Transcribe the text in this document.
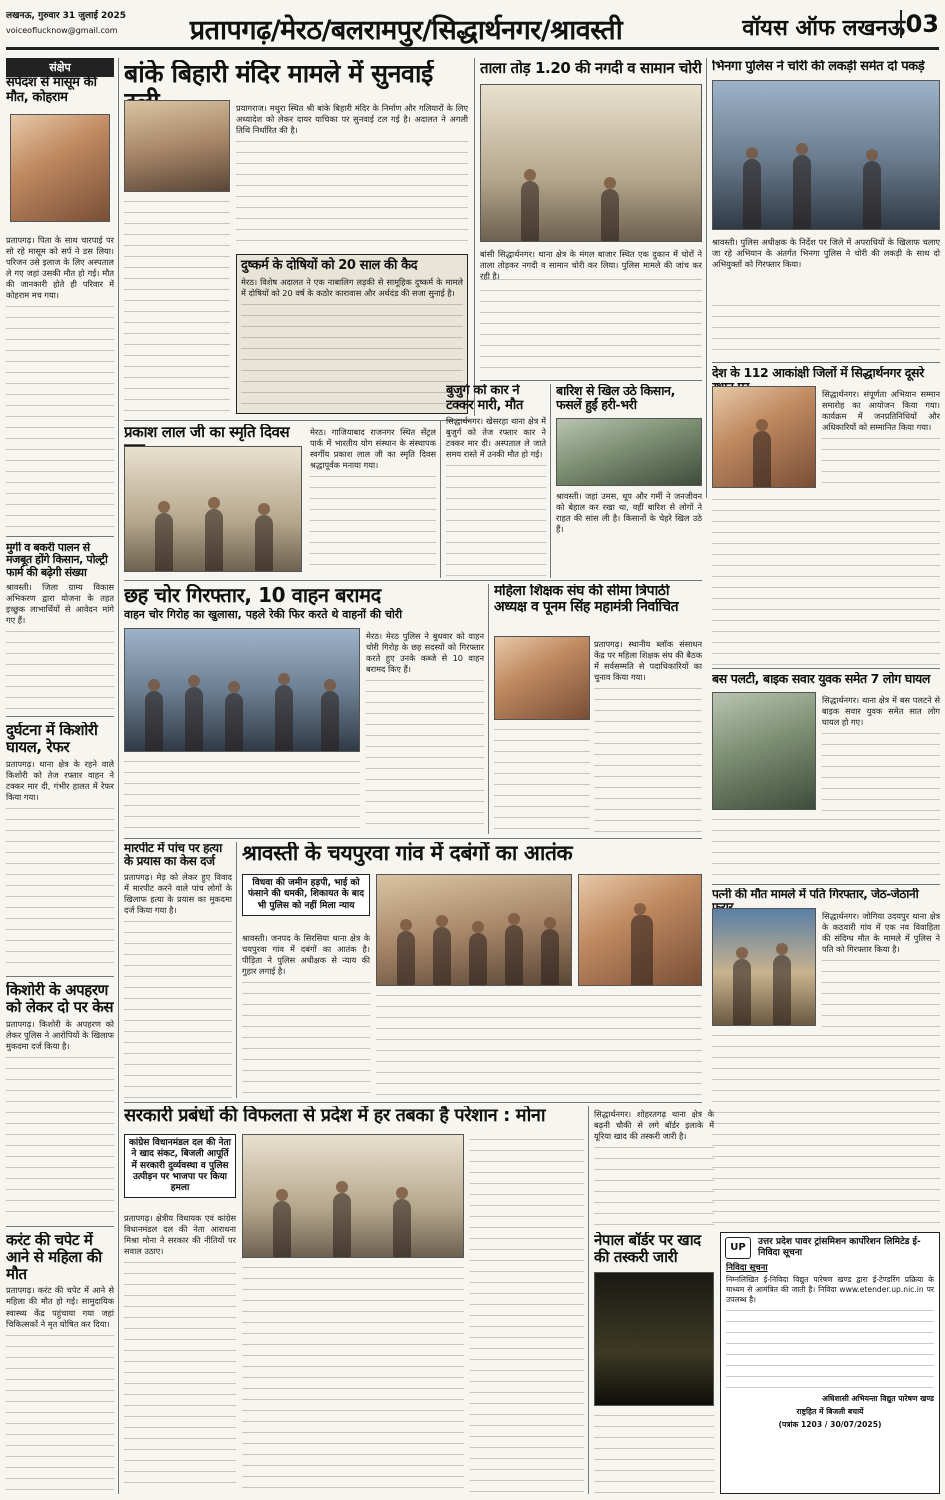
लखनऊ, गुरुवार 31 जुलाई 2025
voiceoflucknow@gmail.com	प्रतापगढ़/मेरठ/बलरामपुर/सिद्धार्थनगर/श्रावस्ती	वॉयस ऑफ लखनऊ 03
संक्षेप
सर्पदंश से मासूम की मौत, कोहराम
प्रतापगढ़। पिता के साथ चारपाई पर सो रहे मासूम को सर्प ने डस लिया। परिजन उसे इलाज के लिए अस्पताल ले गए जहां उसकी मौत हो गई। मौत की जानकारी होते ही परिवार में कोहराम मच गया।
मुर्गी व बकरी पालन से मजबूत होंगे किसान, पोल्ट्री फार्म की बढ़ेगी संख्या
श्रावस्ती। जिला ग्राम्य विकास अभिकरण द्वारा योजना के तहत इच्छुक लाभार्थियों से आवेदन मांगे गए हैं।
दुर्घटना में किशोरी घायल, रेफर
प्रतापगढ़। थाना क्षेत्र के रहने वाले किशोरी को तेज रफ्तार वाहन ने टक्कर मार दी, गंभीर हालत में रेफर किया गया।
किशोरी के अपहरण को लेकर दो पर केस
प्रतापगढ़। किशोरी के अपहरण को लेकर पुलिस ने आरोपियों के खिलाफ मुकदमा दर्ज किया है।
करंट की चपेट में आने से महिला की मौत
प्रतापगढ़। करंट की चपेट में आने से महिला की मौत हो गई। सामुदायिक स्वास्थ्य केंद्र पहुंचाया गया जहां चिकित्सकों ने मृत घोषित कर दिया।
बांके बिहारी मंदिर मामले में सुनवाई
प्रयागराज। मथुरा स्थित श्री बांके बिहारी मंदिर के निर्माण और गलियारों के लिए अध्यादेश को लेकर दायर याचिका पर सुनवाई टल गई है। अदालत ने अगली तिथि निर्धारित की है।
दुष्कर्म के दोषियों को 20 साल की कैद
मेरठ। विशेष अदालत ने एक नाबालिग लड़की से सामूहिक दुष्कर्म के मामले में दोषियों को 20 वर्ष के कठोर कारावास और अर्थदंड की सजा सुनाई है।
ताला तोड़ 1.20 की नगदी व सामान चोरी
बांसी सिद्धार्थनगर। थाना क्षेत्र के मंगल बाजार स्थित एक दुकान में चोरों ने ताला तोड़कर नगदी व सामान चोरी कर लिया। पुलिस मामले की जांच कर रही है।
भिनगा पुलिस ने चोरी की लकड़ी समेत दो पकड़े
श्रावस्ती। पुलिस अधीक्षक के निर्देश पर जिले में अपराधियों के खिलाफ चलाए जा रहे अभियान के अंतर्गत भिनगा पुलिस ने चोरी की लकड़ी के साथ दो अभियुक्तों को गिरफ्तार किया।
देश के 112 आकांक्षी जिलों में सिद्धार्थनगर दूसरे
सिद्धार्थनगर। संपूर्णता अभियान सम्मान समारोह का आयोजन किया गया। कार्यक्रम में जनप्रतिनिधियों और अधिकारियों को सम्मानित किया गया।
बस पलटी, बाइक सवार युवक समेत 7 लोग घायल
सिद्धार्थनगर। थाना क्षेत्र में बस पलटने से बाइक सवार युवक समेत सात लोग घायल हो गए।
पत्नी की मौत मामले में पति गिरफ्तार, जेठ-जेठानी
सिद्धार्थनगर। जोगिया उदयपुर थाना क्षेत्र के कठवारी गांव में एक नव विवाहिता की संदिग्ध मौत के मामले में पुलिस ने पति को गिरफ्तार किया है।
प्रकाश लाल जी का स्मृति दिवस	मेरठ। गाजियाबाद राजनगर स्थित सेंट्रल पार्क में भारतीय योग संस्थान के संस्थापक स्वर्गीय प्रकाश लाल जी का स्मृति दिवस श्रद्धापूर्वक मनाया गया।
बुजुर्ग को कार ने टक्कर मारी, मौत
सिद्धार्थनगर। खेसरहा थाना क्षेत्र में बुजुर्ग को तेज रफ्तार कार ने टक्कर मार दी। अस्पताल ले जाते समय रास्ते में उनकी मौत हो गई।
बारिश से खिल उठे किसान, फसलें हुईं हरी-भरी
श्रावस्ती। जहां उमस, धूप और गर्मी ने जनजीवन को बेहाल कर रखा था, वहीं बारिश से लोगों ने राहत की सांस ली है। किसानों के चेहरे खिल उठे हैं।
छह चोर गिरफ्तार, 10 वाहन बरामद
वाहन चोर गिरोह का खुलासा, पहले रेकी फिर करते थे वाहनों की चोरी
मेरठ। मेरठ पुलिस ने बुधवार को वाहन चोरी गिरोह के छह सदस्यों को गिरफ्तार करते हुए उनके कब्जे से 10 वाहन बरामद किए हैं।
महिला शिक्षक संघ की सीमा त्रिपाठी अध्यक्ष व पूनम सिंह महामंत्री निर्वाचित
प्रतापगढ़। स्थानीय ब्लॉक संसाधन केंद्र पर महिला शिक्षक संघ की बैठक में सर्वसम्मति से पदाधिकारियों का चुनाव किया गया।
मारपीट में पांच पर हत्या के प्रयास का केस दर्ज
प्रतापगढ़। मेड़ को लेकर हुए विवाद में मारपीट करने वाले पांच लोगों के खिलाफ हत्या के प्रयास का मुकदमा दर्ज किया गया है।
श्रावस्ती के चयपुरवा गांव में दबंगों का आतंक
विधवा की जमीन हड़पी, भाई को फंसाने की धमकी, शिकायत के बाद भी पुलिस को नहीं मिला न्याय
श्रावस्ती। जनपद के सिरसिया थाना क्षेत्र के चयपुरवा गांव में दबंगों का आतंक है। पीड़िता ने पुलिस अधीक्षक से न्याय की गुहार लगाई है।
सरकारी प्रबंधों की विफलता से प्रदेश में हर तबका है परेशान : मोना
कांग्रेस विधानमंडल दल की नेता ने खाद संकट, बिजली आपूर्ति में सरकारी दुर्व्यवस्था व पुलिस उत्पीड़न पर भाजपा पर किया हमला
प्रतापगढ़। क्षेत्रीय विधायक एवं कांग्रेस विधानमंडल दल की नेता आराधना मिश्रा मोना ने सरकार की नीतियों पर सवाल उठाए।
नेपाल बॉर्डर पर खाद की तस्करी जारी
सिद्धार्थनगर। शोहरतगढ़ थाना क्षेत्र के बढ़नी चौकी से लगे बॉर्डर इलाके में यूरिया खाद की तस्करी जारी है।
UP	उत्तर प्रदेश पावर ट्रांसमिशन कार्पोरेशन लिमिटेड ई-निविदा सूचना
निविदा सूचना
निम्नलिखित ई-निविदा विद्युत पारेषण खण्ड द्वारा ई-टेण्डरिंग प्रक्रिया के माध्यम से आमंत्रित की जाती है। निविदा www.etender.up.nic.in पर उपलब्ध है।
अधिशासी अभियन्ता विद्युत पारेषण खण्ड
राष्ट्रहित में बिजली बचायें
(पत्रांक 1203 / 30/07/2025)
